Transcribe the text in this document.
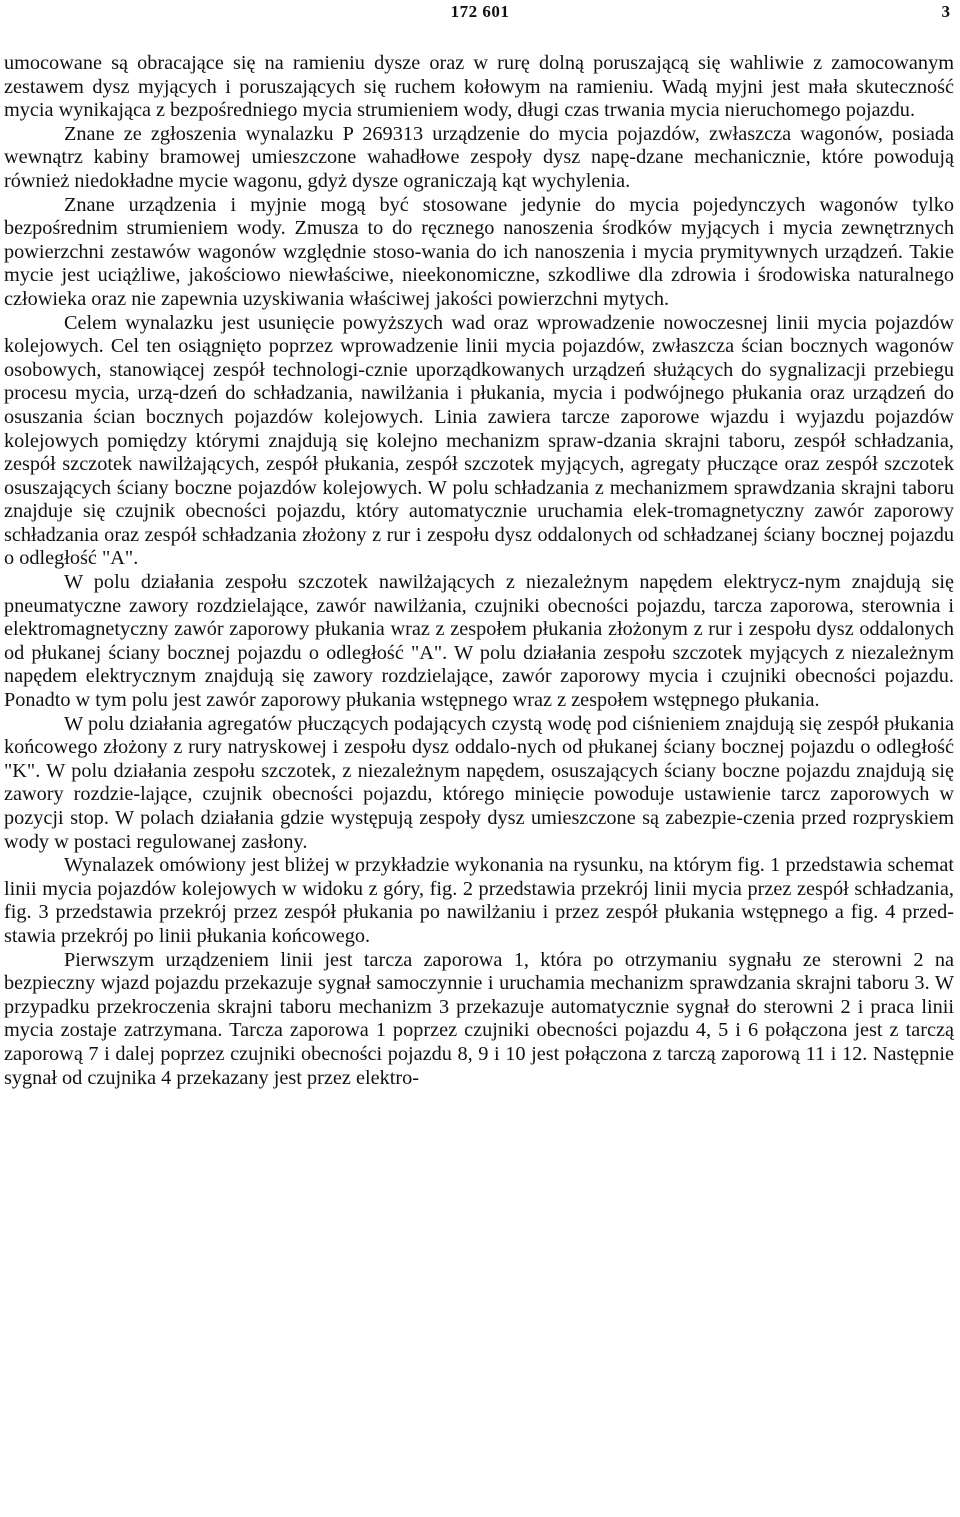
172 601	3

umocowane są obracające się na ramieniu dysze oraz w rurę dolną poruszającą się wahliwie z zamocowanym zestawem dysz myjących i poruszających się ruchem kołowym na ramieniu. Wadą myjni jest mała skuteczność mycia wynikająca z bezpośredniego mycia strumieniem wody, długi czas trwania mycia nieruchomego pojazdu.

Znane ze zgłoszenia wynalazku P 269313 urządzenie do mycia pojazdów, zwłaszcza wagonów, posiada wewnątrz kabiny bramowej umieszczone wahadłowe zespoły dysz napę-dzane mechanicznie, które powodują również niedokładne mycie wagonu, gdyż dysze ograniczają kąt wychylenia.

Znane urządzenia i myjnie mogą być stosowane jedynie do mycia pojedynczych wagonów tylko bezpośrednim strumieniem wody. Zmusza to do ręcznego nanoszenia środków myjących i mycia zewnętrznych powierzchni zestawów wagonów względnie stoso-wania do ich nanoszenia i mycia prymitywnych urządzeń. Takie mycie jest uciążliwe, jakościowo niewłaściwe, nieekonomiczne, szkodliwe dla zdrowia i środowiska naturalnego człowieka oraz nie zapewnia uzyskiwania właściwej jakości powierzchni mytych.

Celem wynalazku jest usunięcie powyższych wad oraz wprowadzenie nowoczesnej linii mycia pojazdów kolejowych. Cel ten osiągnięto poprzez wprowadzenie linii mycia pojazdów, zwłaszcza ścian bocznych wagonów osobowych, stanowiącej zespół technologi-cznie uporządkowanych urządzeń służących do sygnalizacji przebiegu procesu mycia, urzą-dzeń do schładzania, nawilżania i płukania, mycia i podwójnego płukania oraz urządzeń do osuszania ścian bocznych pojazdów kolejowych. Linia zawiera tarcze zaporowe wjazdu i wyjazdu pojazdów kolejowych pomiędzy którymi znajdują się kolejno mechanizm spraw-dzania skrajni taboru, zespół schładzania, zespół szczotek nawilżających, zespół płukania, zespół szczotek myjących, agregaty płuczące oraz zespół szczotek osuszających ściany boczne pojazdów kolejowych. W polu schładzania z mechanizmem sprawdzania skrajni taboru znajduje się czujnik obecności pojazdu, który automatycznie uruchamia elek-tromagnetyczny zawór zaporowy schładzania oraz zespół schładzania złożony z rur i zespołu dysz oddalonych od schładzanej ściany bocznej pojazdu o odległość "A".

W polu działania zespołu szczotek nawilżających z niezależnym napędem elektrycz-nym znajdują się pneumatyczne zawory rozdzielające, zawór nawilżania, czujniki obecności pojazdu, tarcza zaporowa, sterownia i elektromagnetyczny zawór zaporowy płukania wraz z zespołem płukania złożonym z rur i zespołu dysz oddalonych od płukanej ściany bocznej pojazdu o odległość "A". W polu działania zespołu szczotek myjących z niezależnym napędem elektrycznym znajdują się zawory rozdzielające, zawór zaporowy mycia i czujniki obecności pojazdu. Ponadto w tym polu jest zawór zaporowy płukania wstępnego wraz z zespołem wstępnego płukania.

W polu działania agregatów płuczących podających czystą wodę pod ciśnieniem znajdują się zespół płukania końcowego złożony z rury natryskowej i zespołu dysz oddalo-nych od płukanej ściany bocznej pojazdu o odległość "K". W polu działania zespołu szczotek, z niezależnym napędem, osuszających ściany boczne pojazdu znajdują się zawory rozdzie-lające, czujnik obecności pojazdu, którego minięcie powoduje ustawienie tarcz zaporowych w pozycji stop. W polach działania gdzie występują zespoły dysz umieszczone są zabezpie-czenia przed rozpryskiem wody w postaci regulowanej zasłony.

Wynalazek omówiony jest bliżej w przykładzie wykonania na rysunku, na którym fig. 1 przedstawia schemat linii mycia pojazdów kolejowych w widoku z góry, fig. 2 przedstawia przekrój linii mycia przez zespół schładzania, fig. 3 przedstawia przekrój przez zespół płukania po nawilżaniu i przez zespół płukania wstępnego a fig. 4 przed-stawia przekrój po linii płukania końcowego.

Pierwszym urządzeniem linii jest tarcza zaporowa 1, która po otrzymaniu sygnału ze sterowni 2 na bezpieczny wjazd pojazdu przekazuje sygnał samoczynnie i uruchamia mechanizm sprawdzania skrajni taboru 3. W przypadku przekroczenia skrajni taboru mechanizm 3 przekazuje automatycznie sygnał do sterowni 2 i praca linii mycia zostaje zatrzymana. Tarcza zaporowa 1 poprzez czujniki obecności pojazdu 4, 5 i 6 połączona jest z tarczą zaporową 7 i dalej poprzez czujniki obecności pojazdu 8, 9 i 10 jest połączona z tarczą zaporową 11 i 12. Następnie sygnał od czujnika 4 przekazany jest przez elektro-
